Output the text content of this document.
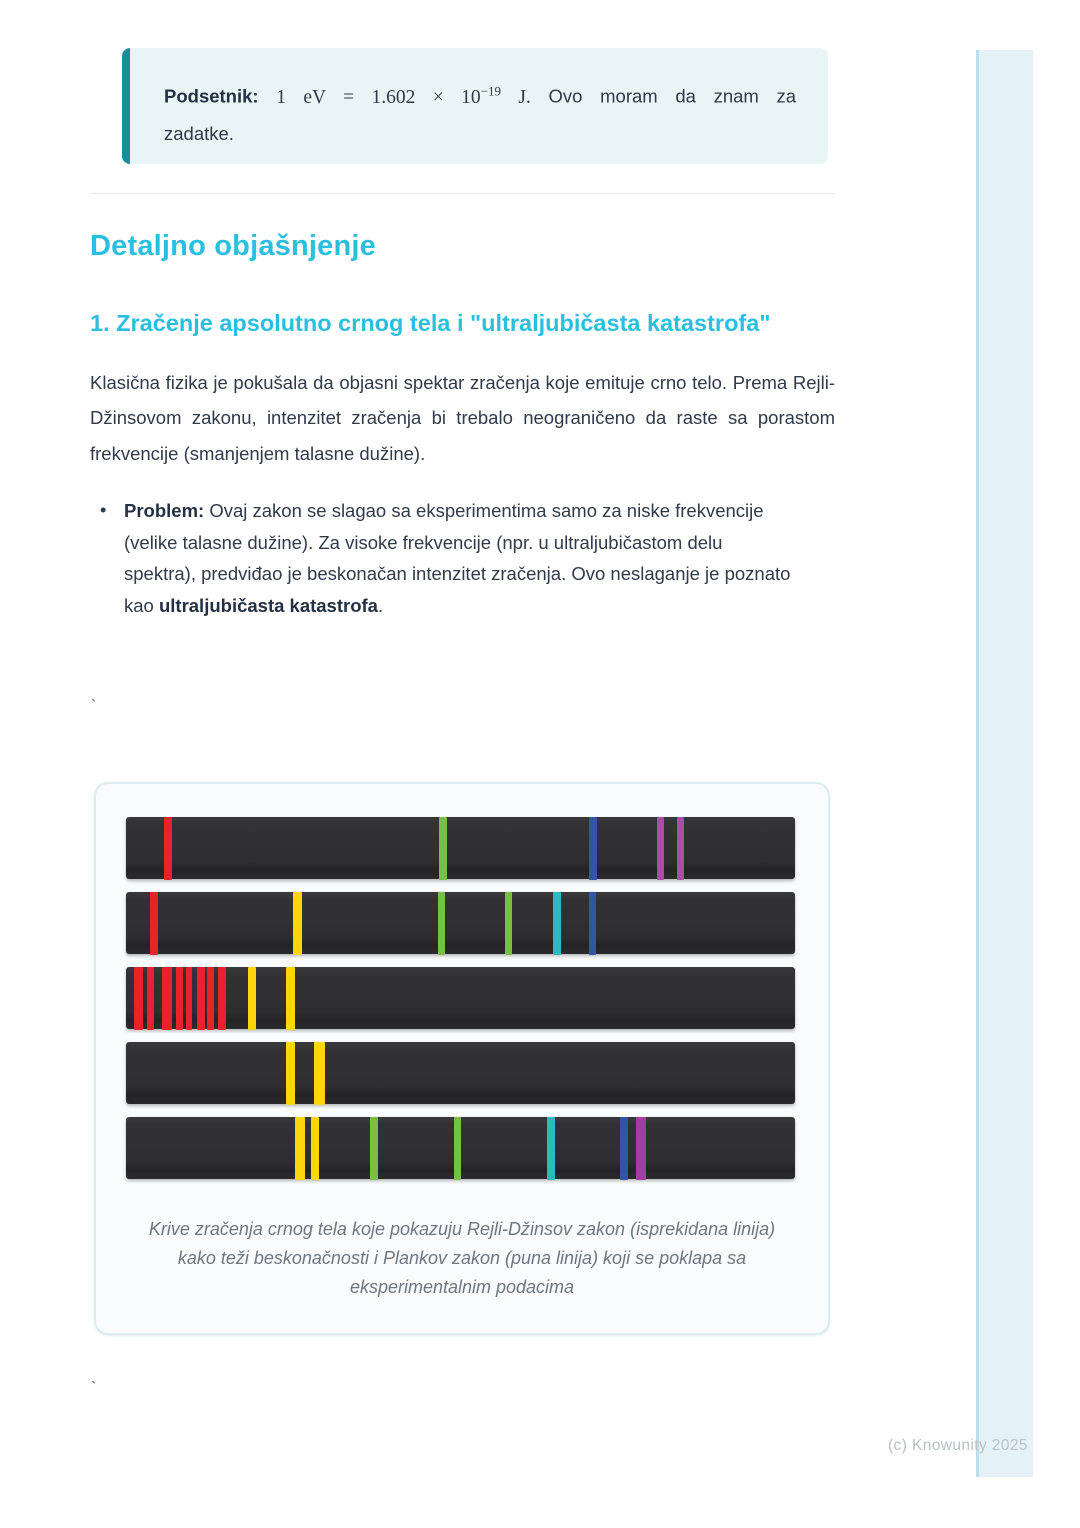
Podsetnik: 1 eV = $1.602 \times 10^{-19}$ J. Ovo moram da znam za
zadatke.
Detaljno objašnjenje
1. Zračenje apsolutno crnog tela i "ultraljubičasta katastrofa"

Klasična fizika je pokušala da objasni spektar zračenja koje emituje crno telo. Prema Rejli-Džinsovom zakonu, intenzitet zračenja bi trebalo neograničeno da raste sa porastom frekvencije (smanjenjem talasne dužine).

• Problem: Ovaj zakon se slagao sa eksperimentima samo za niske frekvencije (velike talasne dužine). Za visoke frekvencije (npr. u ultraljubičastom delu spektra), predviđao je beskonačan intenzitet zračenja. Ovo neslaganje je poznato kao ultraljubičasta katastrofa.
`

Krive zračenja crnog tela koje pokazuju Rejli-Džinsov zakon (isprekidana linija) kako teži beskonačnosti i Plankov zakon (puna linija) koji se poklapa sa eksperimentalnim podacima

`
(c) Knowunity 2025
